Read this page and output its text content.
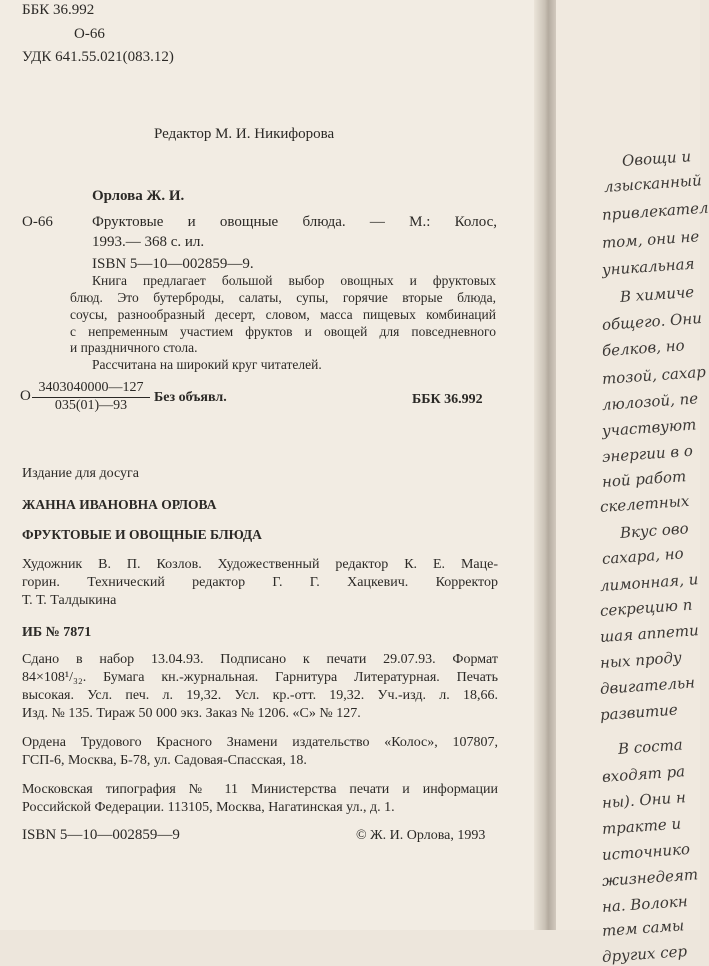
Овощи и
лзысканный
привлекател
том, они не
уникальная
В химиче
общего. Они
белков, но
тозой, сахар
люлозой, пе
участвуют
энергии в о
ной работ
скелетных
Вкус ово
сахара, но
лимонная, и
секрецию п
шая аппети
ных проду
двигательн
развитие
В соста
входят ра
ны). Они н
тракте и
источнико
жизнедеят
на. Волокн
тем самы
других сер
ББК 36.992
О-66
УДК 641.55.021(083.12)
Редактор М. И. Никифорова
Орлова Ж. И.
О-66	Фруктовые и овощные блюда. — М.: Колос,
1993.— 368 с. ил.
ISBN 5—10—002859—9.
Книга предлагает большой выбор овощных и фруктовых
блюд. Это бутерброды, салаты, супы, горячие вторые блюда,
соусы, разнообразный десерт, словом, масса пищевых комбинаций
с непременным участием фруктов и овощей для повседневного
и праздничного стола.
О
3403040000—127
035(01)—93
Без объявл.	ББК 36.992
Издание для досуга
ЖАННА ИВАНОВНА ОРЛОВА
ФРУКТОВЫЕ И ОВОЩНЫЕ БЛЮДА
Художник В. П. Козлов. Художественный редактор К. Е. Маце-
горин. Технический редактор Г. Г. Хацкевич. Корректор
Т. Т. Талдыкина
ИБ № 7871
Сдано в набор 13.04.93. Подписано к печати 29.07.93. Формат
84×108¹/₃₂. Бумага кн.-журнальная. Гарнитура Литературная. Печать
высокая. Усл. печ. л. 19,32. Усл. кр.-отт. 19,32. Уч.-изд. л. 18,66.
Изд. № 135. Тираж 50 000 экз. Заказ № 1206. «С» № 127.
Ордена Трудового Красного Знамени издательство «Колос», 107807,
ГСП-6, Москва, Б-78, ул. Садовая-Спасская, 18.
Московская типография № 11 Министерства печати и информации
Российской Федерации. 113105, Москва, Нагатинская ул., д. 1.
ISBN 5—10—002859—9	© Ж. И. Орлова, 1993
Рассчитана на широкий круг читателей.
